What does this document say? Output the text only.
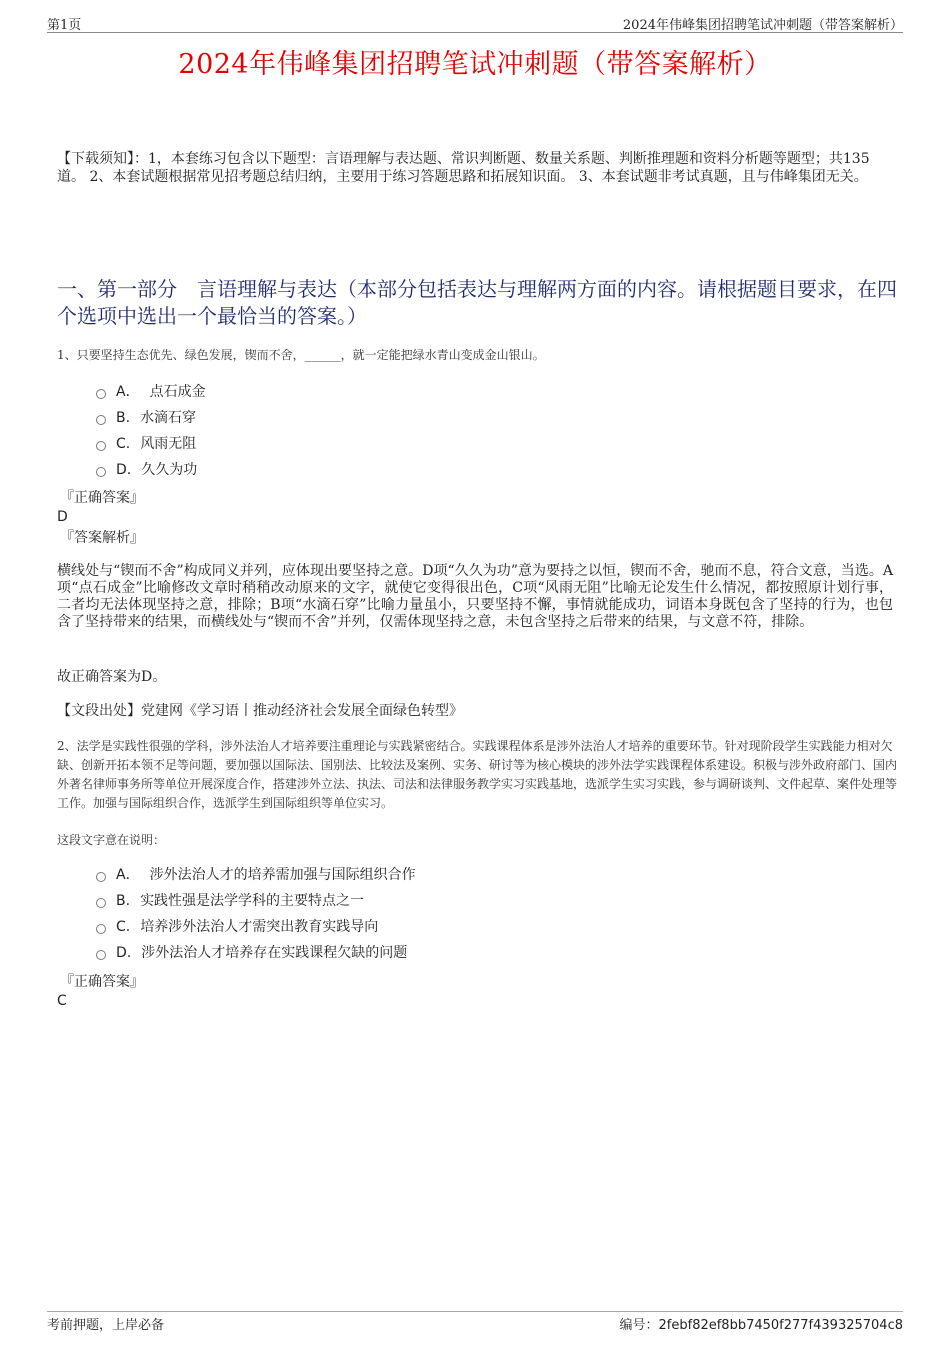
第1页	2024年伟峰集团招聘笔试冲刺题（带答案解析）
2024年伟峰集团招聘笔试冲刺题（带答案解析）
【下载须知】：1，本套练习包含以下题型：言语理解与表达题、常识判断题、数量关系题、判断推理题和资料分析题等题型；共135道。 2、本套试题根据常见招考题总结归纳，主要用于练习答题思路和拓展知识面。 3、本套试题非考试真题，且与伟峰集团无关。
一、第一部分　言语理解与表达（本部分包括表达与理解两方面的内容。请根据题目要求，在四个选项中选出一个最恰当的答案。）
1、只要坚持生态优先、绿色发展，锲而不舍，______，就一定能把绿水青山变成金山银山。
A． 点石成金
B. 水滴石穿
C. 风雨无阻
D. 久久为功
『正确答案』
D
『答案解析』
横线处与“锲而不舍”构成同义并列，应体现出要坚持之意。D项“久久为功”意为要持之以恒，锲而不舍，驰而不息，符合文意，当选。A项“点石成金”比喻修改文章时稍稍改动原来的文字，就使它变得很出色，C项“风雨无阻”比喻无论发生什么情况，都按照原计划行事，二者均无法体现坚持之意，排除；B项“水滴石穿”比喻力量虽小，只要坚持不懈，事情就能成功，词语本身既包含了坚持的行为，也包含了坚持带来的结果，而横线处与“锲而不舍”并列，仅需体现坚持之意，未包含坚持之后带来的结果，与文意不符，排除。
故正确答案为D。
【文段出处】党建网《学习语丨推动经济社会发展全面绿色转型》
2、法学是实践性很强的学科，涉外法治人才培养要注重理论与实践紧密结合。实践课程体系是涉外法治人才培养的重要环节。针对现阶段学生实践能力相对欠缺、创新开拓本领不足等问题，要加强以国际法、国别法、比较法及案例、实务、研讨等为核心模块的涉外法学实践课程体系建设。积极与涉外政府部门、国内外著名律师事务所等单位开展深度合作，搭建涉外立法、执法、司法和法律服务教学实习实践基地，选派学生实习实践，参与调研谈判、文件起草、案件处理等工作。加强与国际组织合作，选派学生到国际组织等单位实习。
这段文字意在说明：
A． 涉外法治人才的培养需加强与国际组织合作
B. 实践性强是法学学科的主要特点之一
C. 培养涉外法治人才需突出教育实践导向
D. 涉外法治人才培养存在实践课程欠缺的问题
『正确答案』
C
考前押题，上岸必备	编号：2febf82ef8bb7450f277f439325704c8
